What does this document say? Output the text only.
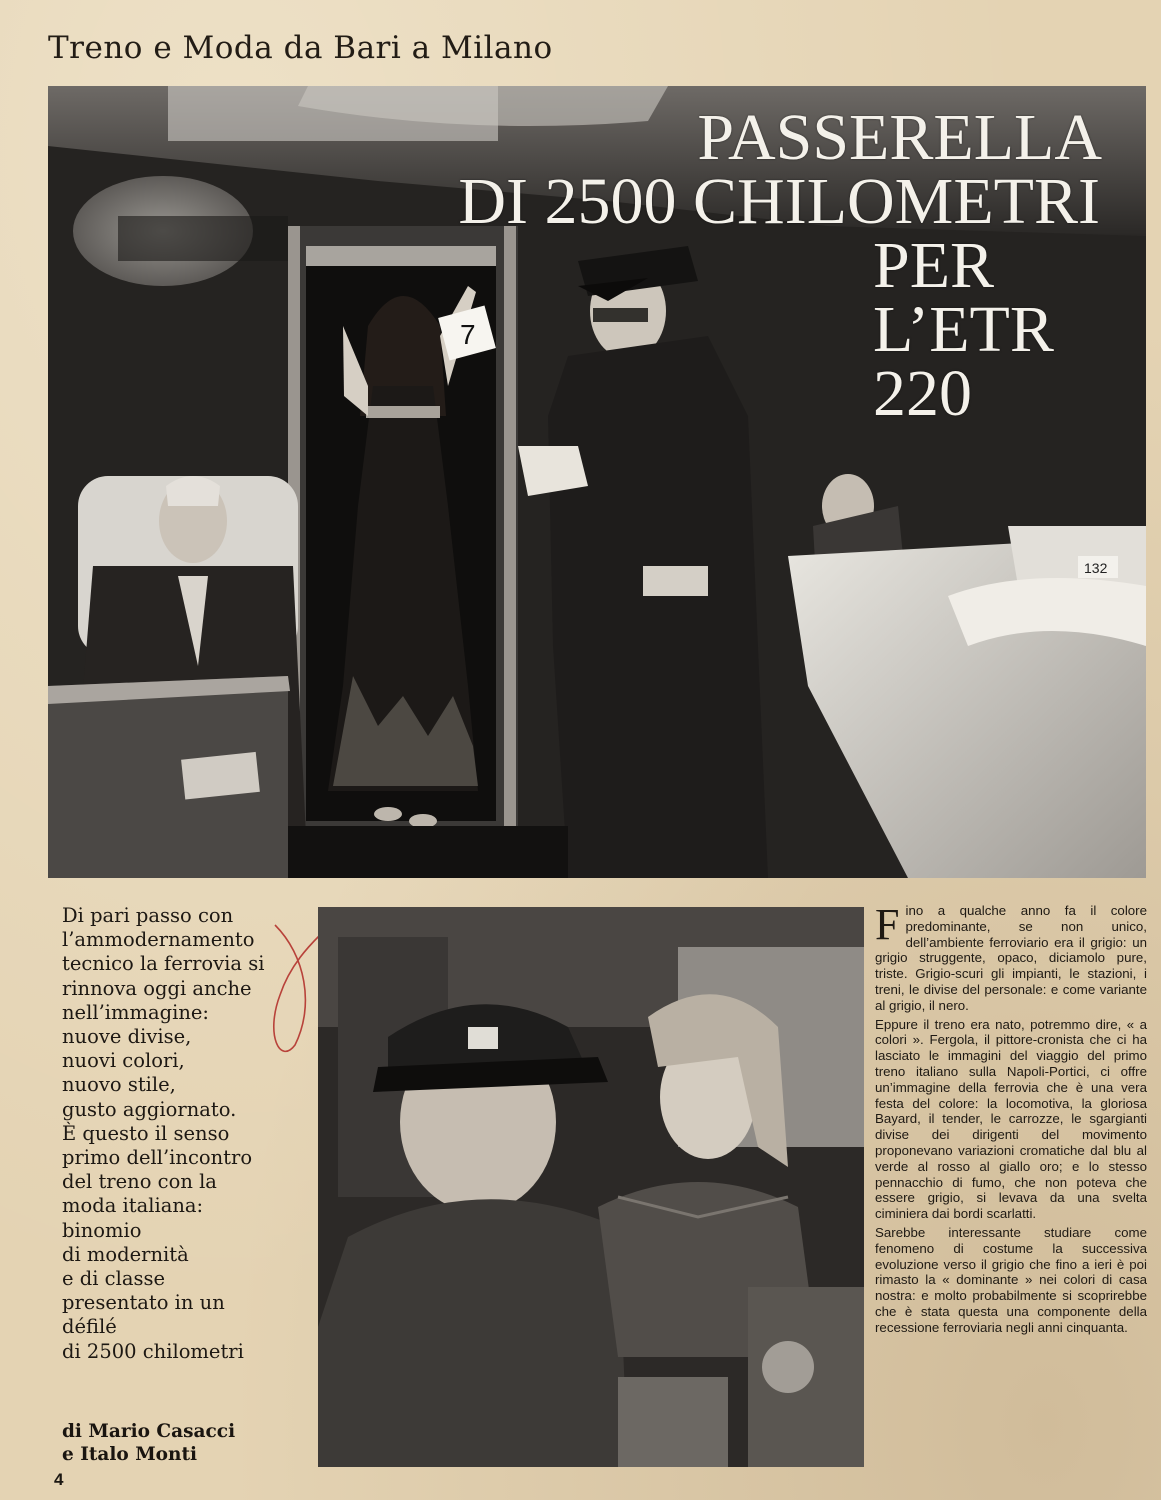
Treno e Moda da Bari a Milano
7
132
PASSERELLA
DI 2500 CHILOMETRI
PER
L’ETR
220

Di pari passo con

l’ammodernamento

tecnico la ferrovia si

rinnova oggi anche

nell’immagine:

nuove divise,

nuovi colori,

nuovo stile,

gusto aggiornato.

È questo il senso

primo dell’incontro

del treno con la

moda italiana:

binomio

di modernità

e di classe

presentato in un

défilé

di 2500 chilometri

di Mario Casacci
e Italo Monti
4

Fino a qualche anno fa il colore predominante, se non unico, dell’ambiente ferroviario era il grigio: un grigio struggente, opaco, diciamolo pure, triste. Grigio-scuri gli impianti, le stazioni, i treni, le divise del personale: e come variante al grigio, il nero.

Eppure il treno era nato, potremmo dire, « a colori ». Fergola, il pittore-cronista che ci ha lasciato le immagini del viaggio del primo treno italiano sulla Napoli-Portici, ci offre un’immagine della ferrovia che è una vera festa del colore: la locomotiva, la gloriosa Bayard, il tender, le carrozze, le sgargianti divise dei dirigenti del movimento proponevano variazioni cromatiche dal blu al verde al rosso al giallo oro; e lo stesso pennacchio di fumo, che non poteva che essere grigio, si levava da una svelta ciminiera dai bordi scarlatti.

Sarebbe interessante studiare come fenomeno di costume la successiva evoluzione verso il grigio che fino a ieri è poi rimasto la « dominante » nei colori di casa nostra: e molto probabilmente si scoprirebbe che è stata questa una componente della recessione ferroviaria negli anni cinquanta.
